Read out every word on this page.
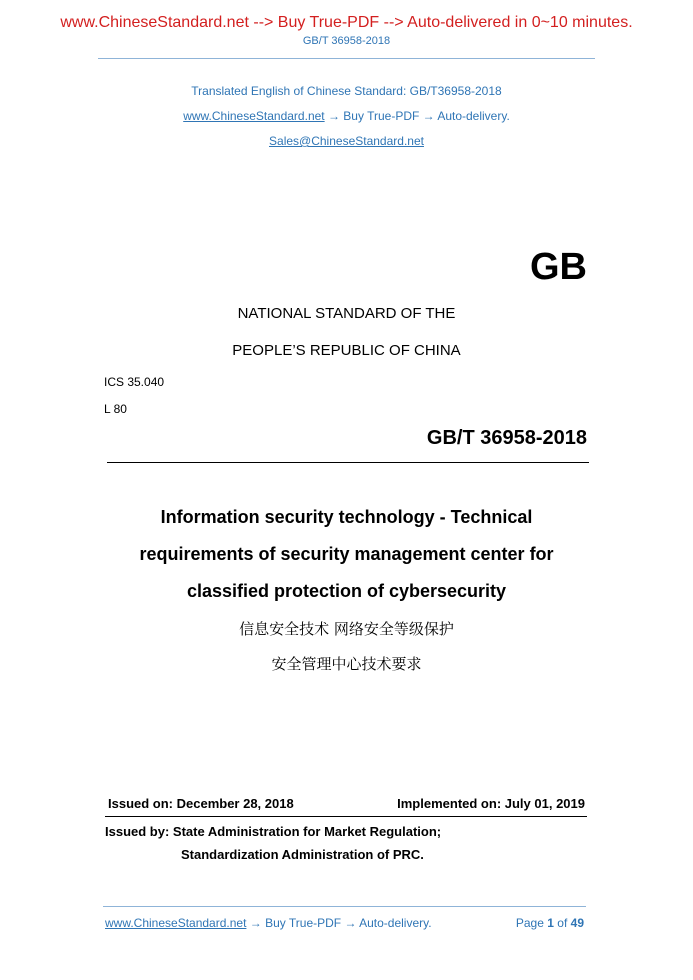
www.ChineseStandard.net --> Buy True-PDF --> Auto-delivered in 0~10 minutes.
GB/T 36958-2018
Translated English of Chinese Standard: GB/T36958-2018
www.ChineseStandard.net → Buy True-PDF → Auto-delivery.
Sales@ChineseStandard.net
GB
NATIONAL STANDARD OF THE
PEOPLE’S REPUBLIC OF CHINA
ICS 35.040
L 80
GB/T 36958-2018
Information security technology - Technical
requirements of security management center for
classified protection of cybersecurity
信息安全技术 网络安全等级保护
安全管理中心技术要求
Issued on: December 28, 2018	Implemented on: July 01, 2019
Issued by: State Administration for Market Regulation;
Standardization Administration of PRC.
www.ChineseStandard.net → Buy True-PDF → Auto-delivery.	Page 1 of 49
